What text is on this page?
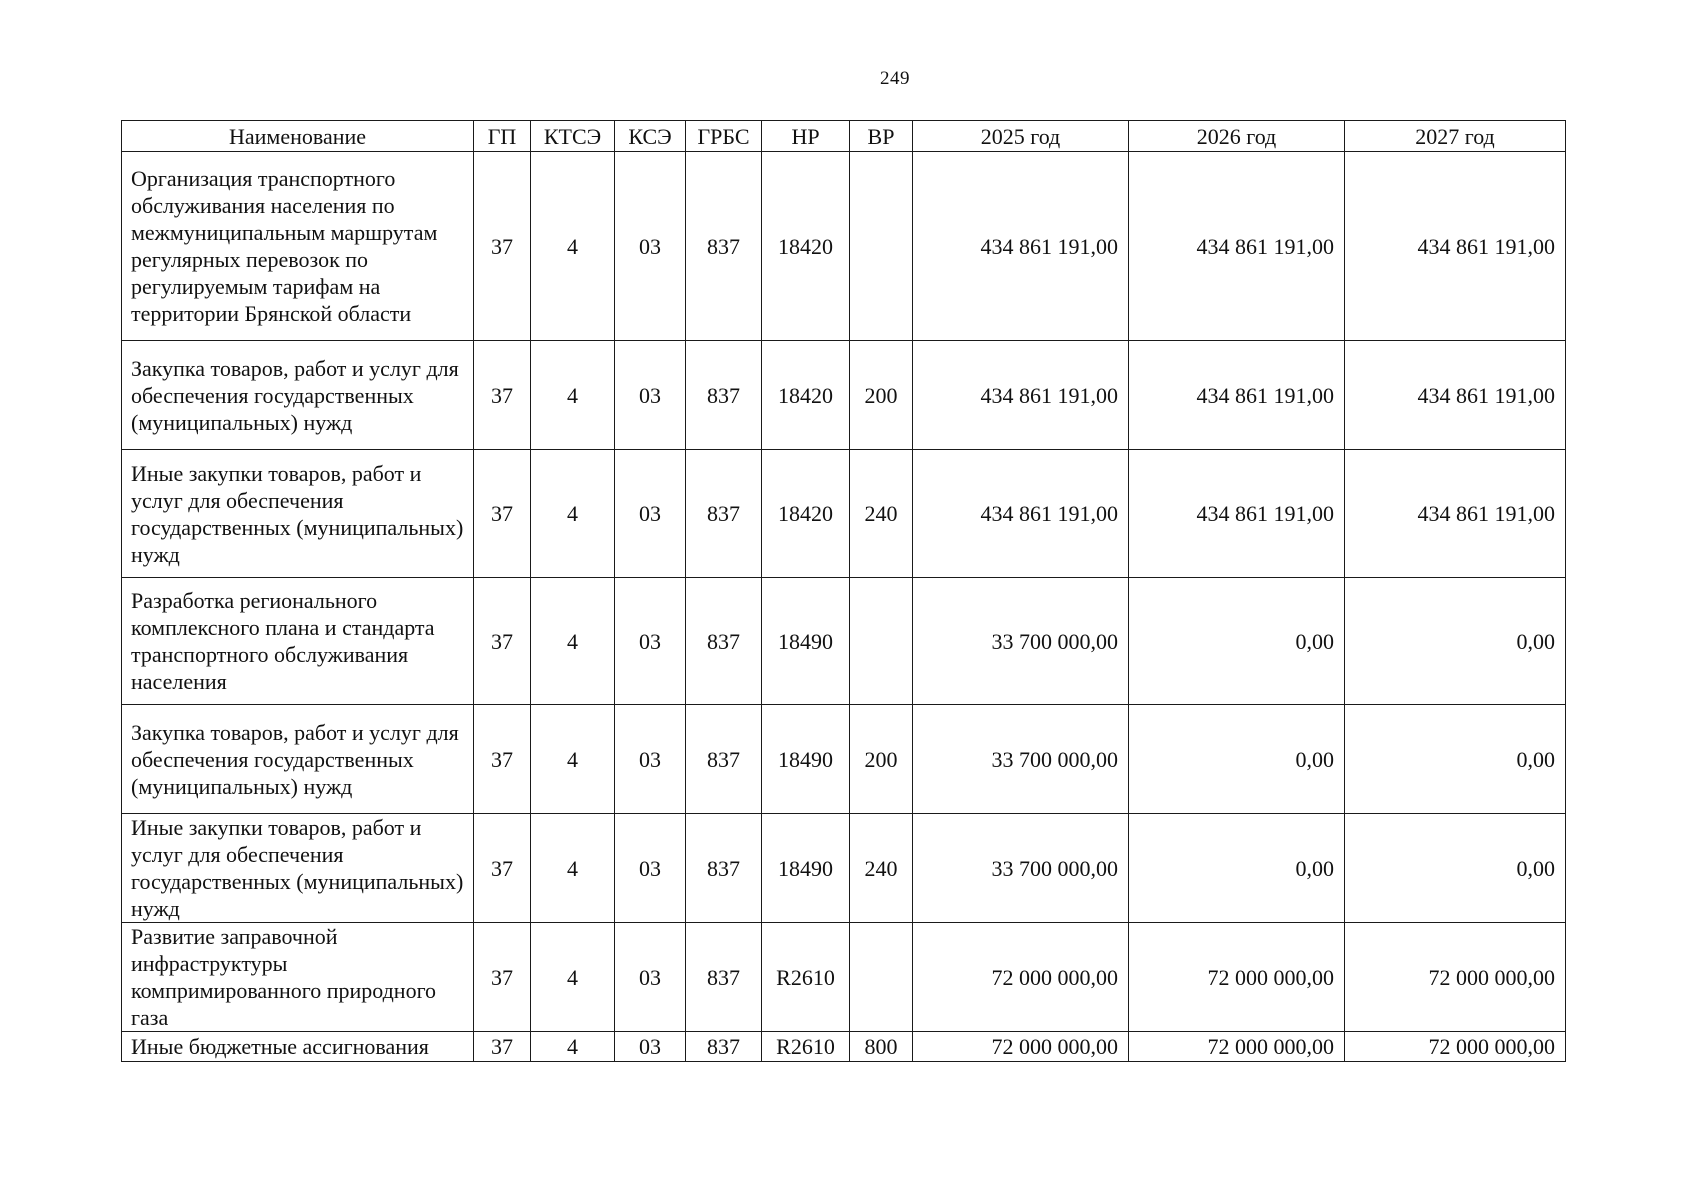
249
Наименование	ГП	КТСЭ	КСЭ	ГРБС	НР	ВР	2025 год	2026 год	2027 год
Организация транспортного обслуживания населения по межмуниципальным маршрутам регулярных перевозок по регулируемым тарифам на территории Брянской области	37	4	03	837	18420		434 861 191,00	434 861 191,00	434 861 191,00
Закупка товаров, работ и услуг для обеспечения государственных (муниципальных) нужд	37	4	03	837	18420	200	434 861 191,00	434 861 191,00	434 861 191,00
Иные закупки товаров, работ и услуг для обеспечения государственных (муниципальных) нужд	37	4	03	837	18420	240	434 861 191,00	434 861 191,00	434 861 191,00
Разработка регионального комплексного плана и стандарта транспортного обслуживания населения	37	4	03	837	18490		33 700 000,00	0,00	0,00
Закупка товаров, работ и услуг для обеспечения государственных (муниципальных) нужд	37	4	03	837	18490	200	33 700 000,00	0,00	0,00
Иные закупки товаров, работ и услуг для обеспечения государственных (муниципальных) нужд	37	4	03	837	18490	240	33 700 000,00	0,00	0,00
Развитие заправочной инфраструктуры компримированного природного газа	37	4	03	837	R2610		72 000 000,00	72 000 000,00	72 000 000,00
Иные бюджетные ассигнования	37	4	03	837	R2610	800	72 000 000,00	72 000 000,00	72 000 000,00
